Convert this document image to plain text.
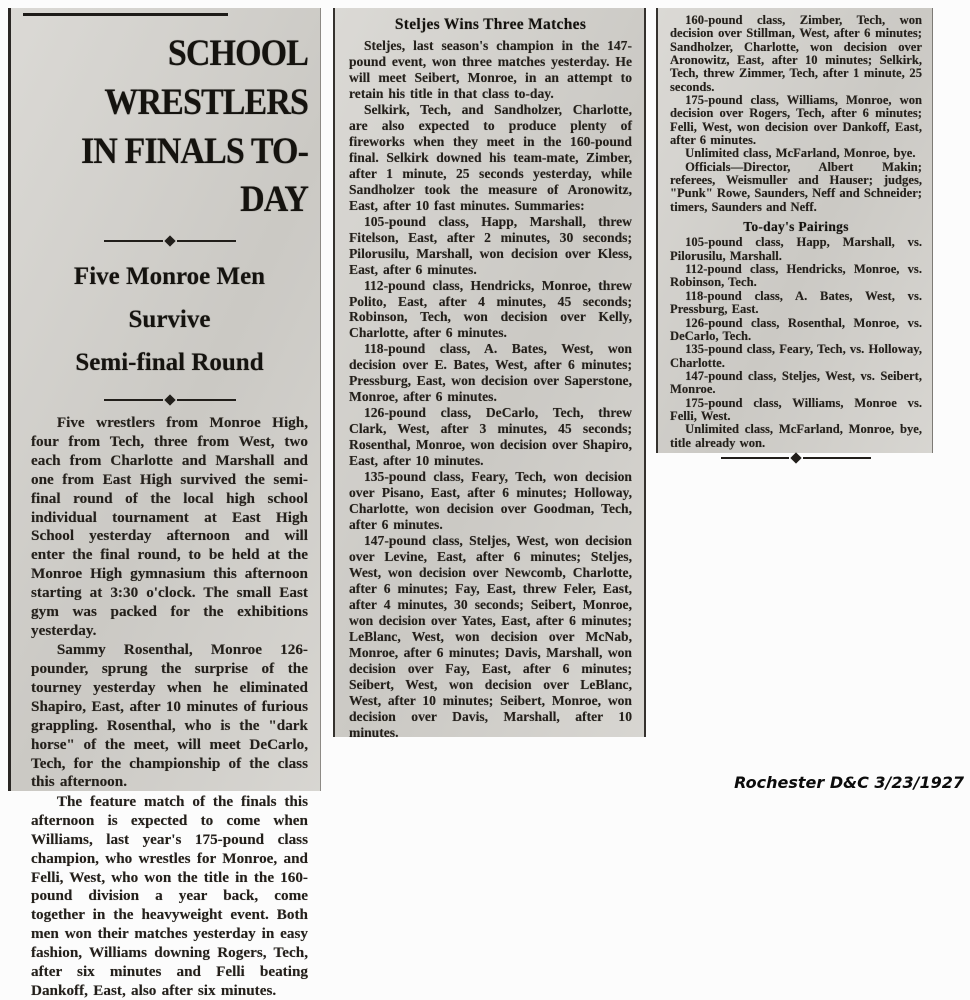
SCHOOL WRESTLERS
IN FINALS TO-DAY
Five Monroe Men Survive
Semi-final Round

Five wrestlers from Monroe High, four from Tech, three from West, two each from Charlotte and Marshall and one from East High survived the semi-final round of the local high school individual tournament at East High School yesterday afternoon and will enter the final round, to be held at the Monroe High gymnasium this afternoon starting at 3:30 o'clock. The small East gym was packed for the exhibitions yesterday.

Sammy Rosenthal, Monroe 126-pounder, sprung the surprise of the tourney yesterday when he eliminated Shapiro, East, after 10 minutes of furious grappling. Rosenthal, who is the "dark horse" of the meet, will meet DeCarlo, Tech, for the championship of the class this afternoon.

The feature match of the finals this afternoon is expected to come when Williams, last year's 175-pound class champion, who wrestles for Monroe, and Felli, West, who won the title in the 160-pound division a year back, come together in the heavyweight event. Both men won their matches yesterday in easy fashion, Williams downing Rogers, Tech, after six minutes and Felli beating Dankoff, East, also after six minutes.

Steljes Wins Three Matches

Steljes, last season's champion in the 147-pound event, won three matches yesterday. He will meet Seibert, Monroe, in an attempt to retain his title in that class to-day.

Selkirk, Tech, and Sandholzer, Charlotte, are also expected to produce plenty of fireworks when they meet in the 160-pound final. Selkirk downed his team-mate, Zimber, after 1 minute, 25 seconds yesterday, while Sandholzer took the measure of Aronowitz, East, after 10 fast minutes. Summaries:

105-pound class, Happ, Marshall, threw Fitelson, East, after 2 minutes, 30 seconds; Pilorusilu, Marshall, won decision over Kless, East, after 6 minutes.

112-pound class, Hendricks, Monroe, threw Polito, East, after 4 minutes, 45 seconds; Robinson, Tech, won decision over Kelly, Charlotte, after 6 minutes.

118-pound class, A. Bates, West, won decision over E. Bates, West, after 6 minutes; Pressburg, East, won decision over Saperstone, Monroe, after 6 minutes.

126-pound class, DeCarlo, Tech, threw Clark, West, after 3 minutes, 45 seconds; Rosenthal, Monroe, won decision over Shapiro, East, after 10 minutes.

135-pound class, Feary, Tech, won decision over Pisano, East, after 6 minutes; Holloway, Charlotte, won decision over Goodman, Tech, after 6 minutes.

147-pound class, Steljes, West, won decision over Levine, East, after 6 minutes; Steljes, West, won decision over Newcomb, Charlotte, after 6 minutes; Fay, East, threw Feler, East, after 4 minutes, 30 seconds; Seibert, Monroe, won decision over Yates, East, after 6 minutes; LeBlanc, West, won decision over McNab, Monroe, after 6 minutes; Davis, Marshall, won decision over Fay, East, after 6 minutes; Seibert, West, won decision over LeBlanc, West, after 10 minutes; Seibert, Monroe, won decision over Davis, Marshall, after 10 minutes.

160-pound class, Zimber, Tech, won decision over Stillman, West, after 6 minutes; Sandholzer, Charlotte, won decision over Aronowitz, East, after 10 minutes; Selkirk, Tech, threw Zimmer, Tech, after 1 minute, 25 seconds.

175-pound class, Williams, Monroe, won decision over Rogers, Tech, after 6 minutes; Felli, West, won decision over Dankoff, East, after 6 minutes.

Unlimited class, McFarland, Monroe, bye.

Officials—Director, Albert Makin; referees, Weismuller and Hauser; judges, "Punk" Rowe, Saunders, Neff and Schneider; timers, Saunders and Neff.

To-day's Pairings

105-pound class, Happ, Marshall, vs. Pilorusilu, Marshall.

112-pound class, Hendricks, Monroe, vs. Robinson, Tech.

118-pound class, A. Bates, West, vs. Pressburg, East.

126-pound class, Rosenthal, Monroe, vs. DeCarlo, Tech.

135-pound class, Feary, Tech, vs. Holloway, Charlotte.

147-pound class, Steljes, West, vs. Seibert, Monroe.

175-pound class, Williams, Monroe vs. Felli, West.

Unlimited class, McFarland, Monroe, bye, title already won.

Rochester D&C 3/23/1927
